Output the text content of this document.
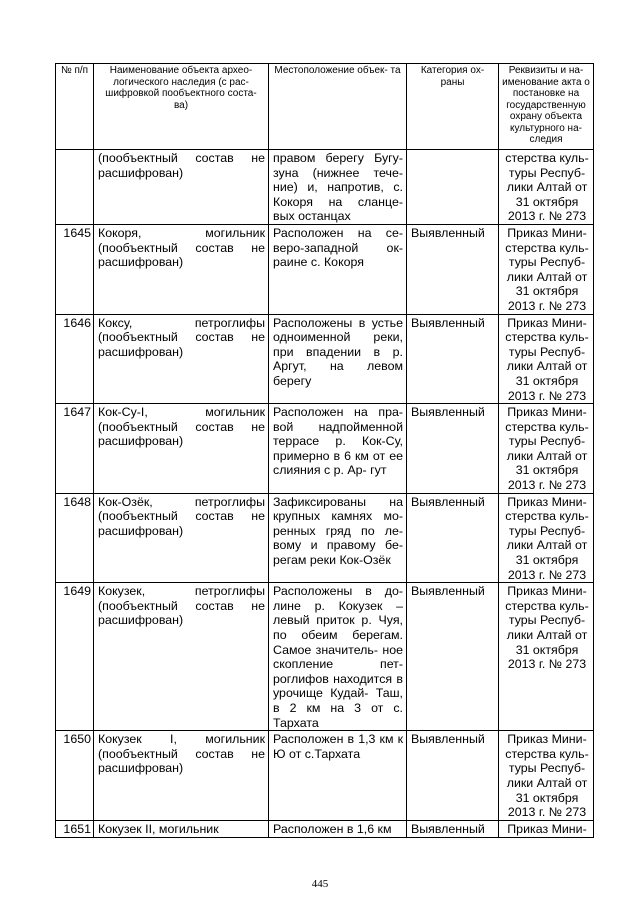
№ п/п	Наименование объекта архео- логического наследия (с рас- шифровкой пообъектного соста- ва)	Местоположение объек- та	Категория ох- раны	Реквизиты и на- именование акта о постановке на государственную охрану объекта культурного на- следия
	(пообъектный состав не расшифрован)	правом берегу Бугу- зуна (нижнее тече- ние) и, напротив, с. Кокоря на сланце- вых останцах		стерства куль- туры Респуб- лики Алтай от 31 октября 2013 г. № 273
1645	Кокоря, могильник (пообъектный состав не расшифрован)	Расположен на се- веро-западной ок- раине с. Кокоря	Выявленный	Приказ Мини- стерства куль- туры Респуб- лики Алтай от 31 октября 2013 г. № 273
1646	Коксу, петроглифы (пообъектный состав не расшифрован)	Расположены в устье одноименной реки, при впадении в р. Аргут, на левом берегу	Выявленный	Приказ Мини- стерства куль- туры Респуб- лики Алтай от 31 октября 2013 г. № 273
1647	Кок-Су-I, могильник (пообъектный состав не расшифрован)	Расположен на пра- вой надпойменной террасе р. Кок-Су, примерно в 6 км от ее слияния с р. Ар- гут	Выявленный	Приказ Мини- стерства куль- туры Респуб- лики Алтай от 31 октября 2013 г. № 273
1648	Кок-Озёк, петроглифы (пообъектный состав не расшифрован)	Зафиксированы на крупных камнях мо- ренных гряд по ле- вому и правому бе- регам реки Кок-Озёк	Выявленный	Приказ Мини- стерства куль- туры Респуб- лики Алтай от 31 октября 2013 г. № 273
1649	Кокузек, петроглифы (пообъектный состав не расшифрован)	Расположены в до- лине р. Кокузек – левый приток р. Чуя, по обеим берегам. Самое значитель- ное скопление пет- роглифов находится в урочище Кудай- Таш, в 2 км на 3 от с. Тархата	Выявленный	Приказ Мини- стерства куль- туры Респуб- лики Алтай от 31 октября 2013 г. № 273
1650	Кокузек I, могильник (пообъектный состав не расшифрован)	Расположен в 1,3 км к Ю от с.Тархата	Выявленный	Приказ Мини- стерства куль- туры Респуб- лики Алтай от 31 октября 2013 г. № 273
1651	Кокузек II, могильник	Расположен в 1,6 км	Выявленный	Приказ Мини-
445
